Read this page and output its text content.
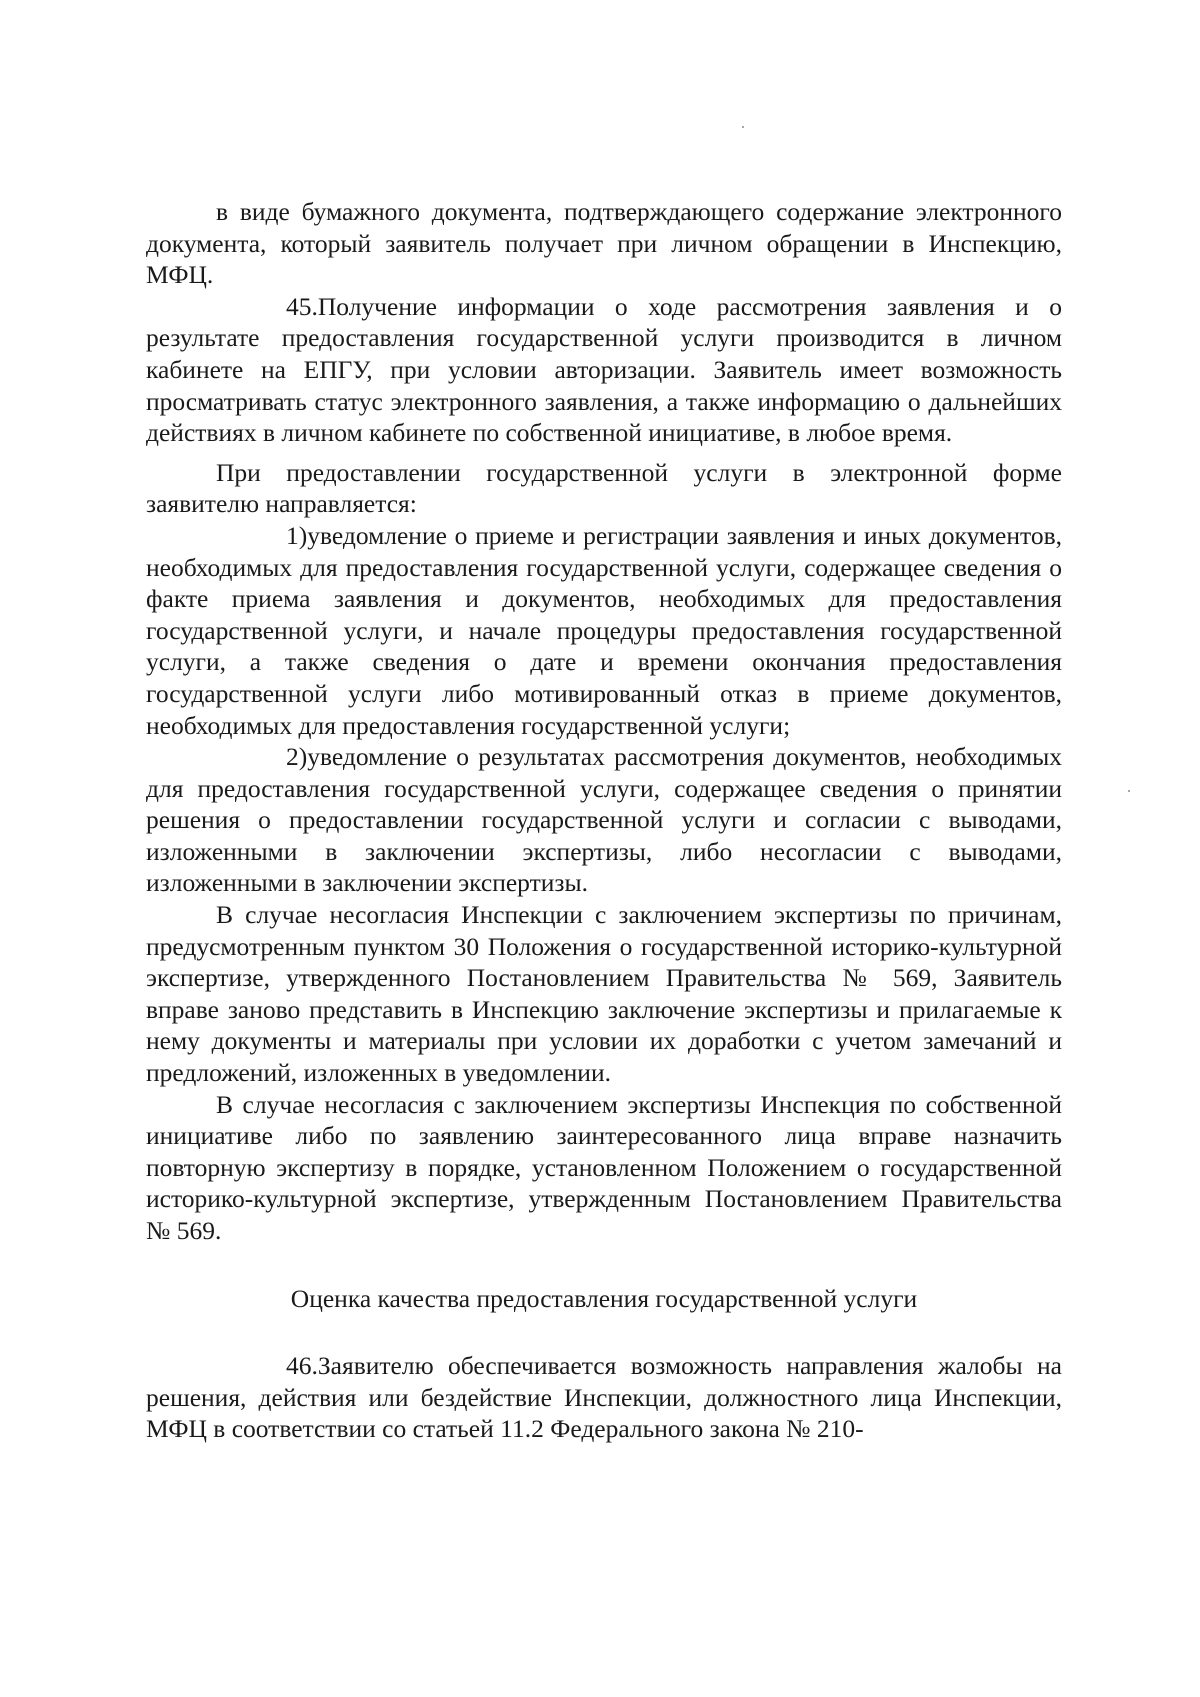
в виде бумажного документа, подтверждающего содержание электронного документа, который заявитель получает при личном обращении в Инспекцию, МФЦ.

45.Получение информации о ходе рассмотрения заявления и о результате предоставления государственной услуги производится в личном кабинете на ЕПГУ, при условии авторизации. Заявитель имеет возможность просматривать статус электронного заявления, а также информацию о дальнейших действиях в личном кабинете по собственной инициативе, в любое время.

При предоставлении государственной услуги в электронной форме заявителю направляется:

1)уведомление о приеме и регистрации заявления и иных документов, необходимых для предоставления государственной услуги, содержащее сведения о факте приема заявления и документов, необходимых для предоставления государственной услуги, и начале процедуры предоставления государственной услуги, а также сведения о дате и времени окончания предоставления государственной услуги либо мотивированный отказ в приеме документов, необходимых для предоставления государственной услуги;

2)уведомление о результатах рассмотрения документов, необходимых для предоставления государственной услуги, содержащее сведения о принятии решения о предоставлении государственной услуги и согласии с выводами, изложенными в заключении экспертизы, либо несогласии с выводами, изложенными в заключении экспертизы.

В случае несогласия Инспекции с заключением экспертизы по причинам, предусмотренным пунктом 30 Положения о государственной историко-культурной экспертизе, утвержденного Постановлением Правительства № 569, Заявитель вправе заново представить в Инспекцию заключение экспертизы и прилагаемые к нему документы и материалы при условии их доработки с учетом замечаний и предложений, изложенных в уведомлении.

В случае несогласия с заключением экспертизы Инспекция по собственной инициативе либо по заявлению заинтересованного лица вправе назначить повторную экспертизу в порядке, установленном Положением о государственной историко-культурной экспертизе, утвержденным Постановлением Правительства № 569.

Оценка качества предоставления государственной услуги

46.Заявителю обеспечивается возможность направления жалобы на решения, действия или бездействие Инспекции, должностного лица Инспекции, МФЦ в соответствии со статьей 11.2 Федерального закона № 210-
